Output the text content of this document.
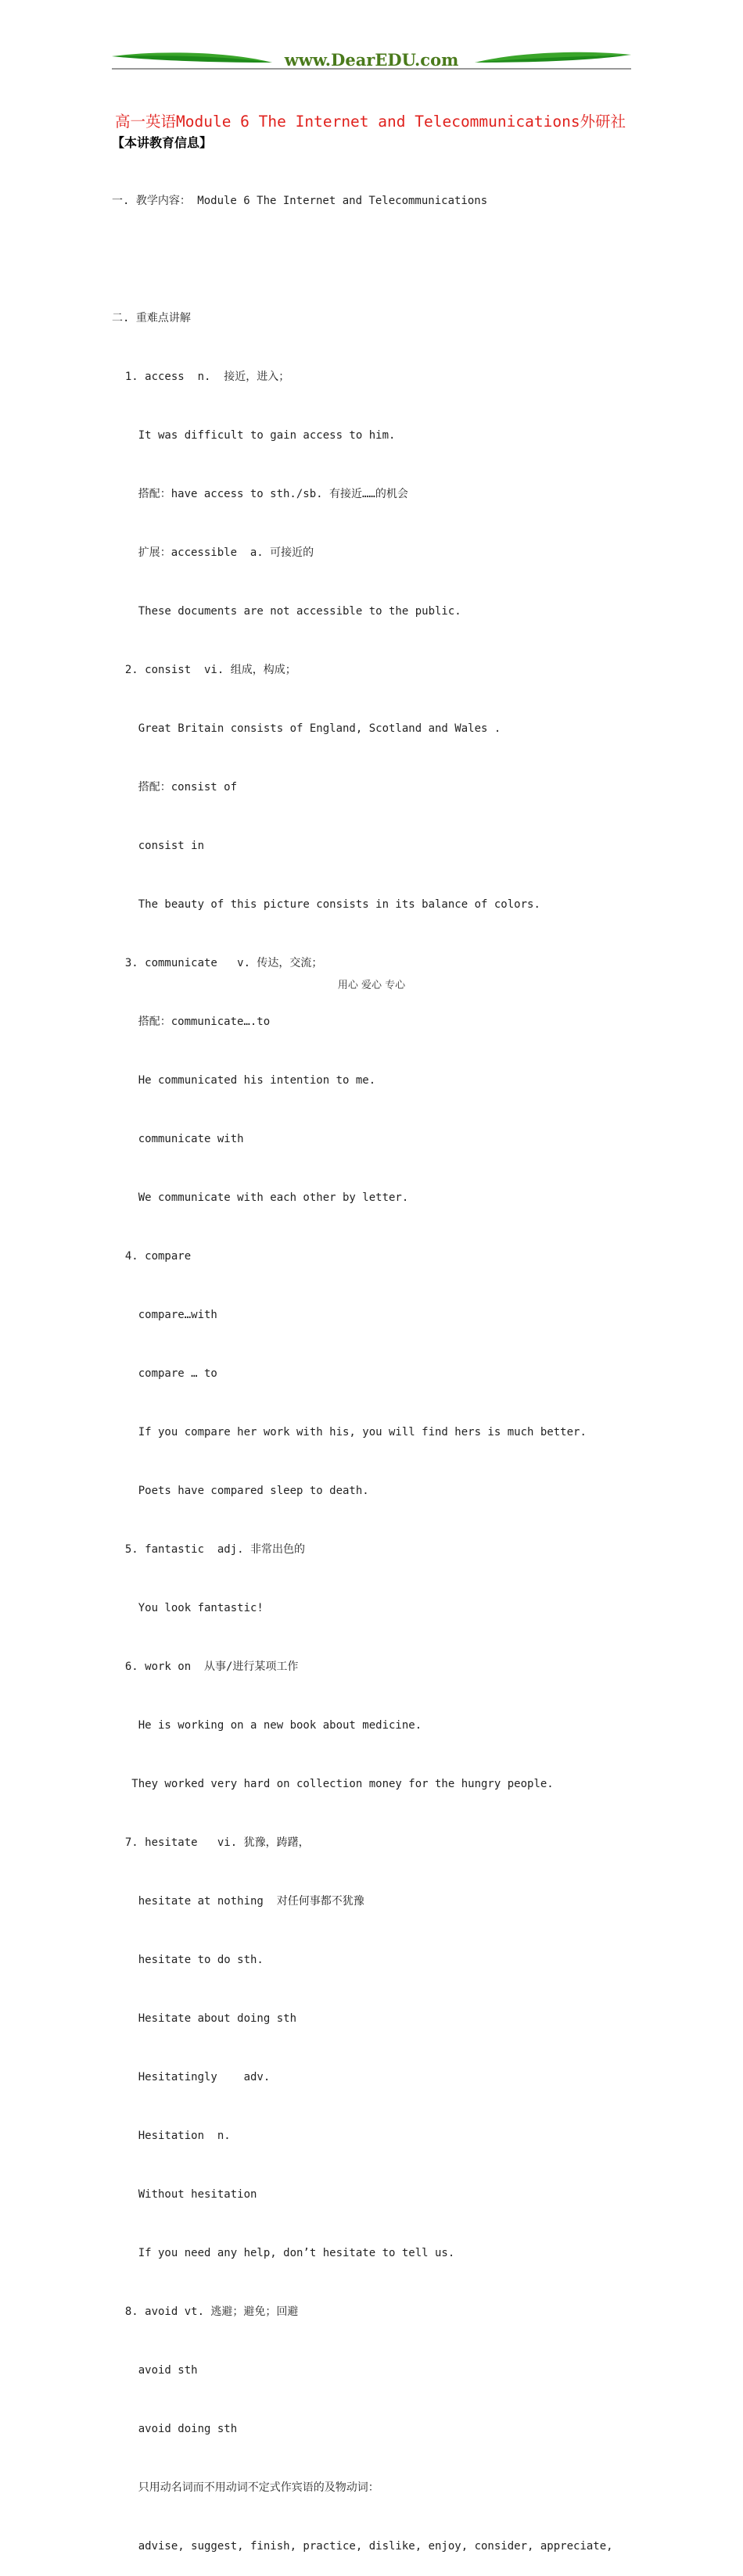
www.DearEDU.com
高一英语Module 6 The Internet and Telecommunications外研社
【本讲教育信息】

一. 教学内容： Module 6 The Internet and Telecommunications

二. 重难点讲解

1. access  n.  接近，进入；

It was difficult to gain access to him.

搭配：have access to sth./sb. 有接近……的机会

扩展：accessible  a. 可接近的

These documents are not accessible to the public.

2. consist  vi. 组成，构成；

Great Britain consists of England, Scotland and Wales .

搭配：consist of

consist in

The beauty of this picture consists in its balance of colors.

3. communicate   v. 传达，交流；

搭配：communicate….to

He communicated his intention to me.

communicate with

We communicate with each other by letter.

4. compare

compare…with

compare … to

If you compare her work with his, you will find hers is much better.

Poets have compared sleep to death.

5. fantastic  adj. 非常出色的

You look fantastic!

6. work on  从事/进行某项工作

He is working on a new book about medicine.

They worked very hard on collection money for the hungry people.

7. hesitate   vi. 犹豫，踌躇，

hesitate at nothing  对任何事都不犹豫

hesitate to do sth.

Hesitate about doing sth

Hesitatingly    adv.

Hesitation  n.

Without hesitation

If you need any help, don’t hesitate to tell us.

8. avoid vt. 逃避；避免；回避

avoid sth

avoid doing sth

只用动名词而不用动词不定式作宾语的及物动词：

advise, suggest, finish, practice, dislike, enjoy, consider, appreciate,

用心 爱心 专心
